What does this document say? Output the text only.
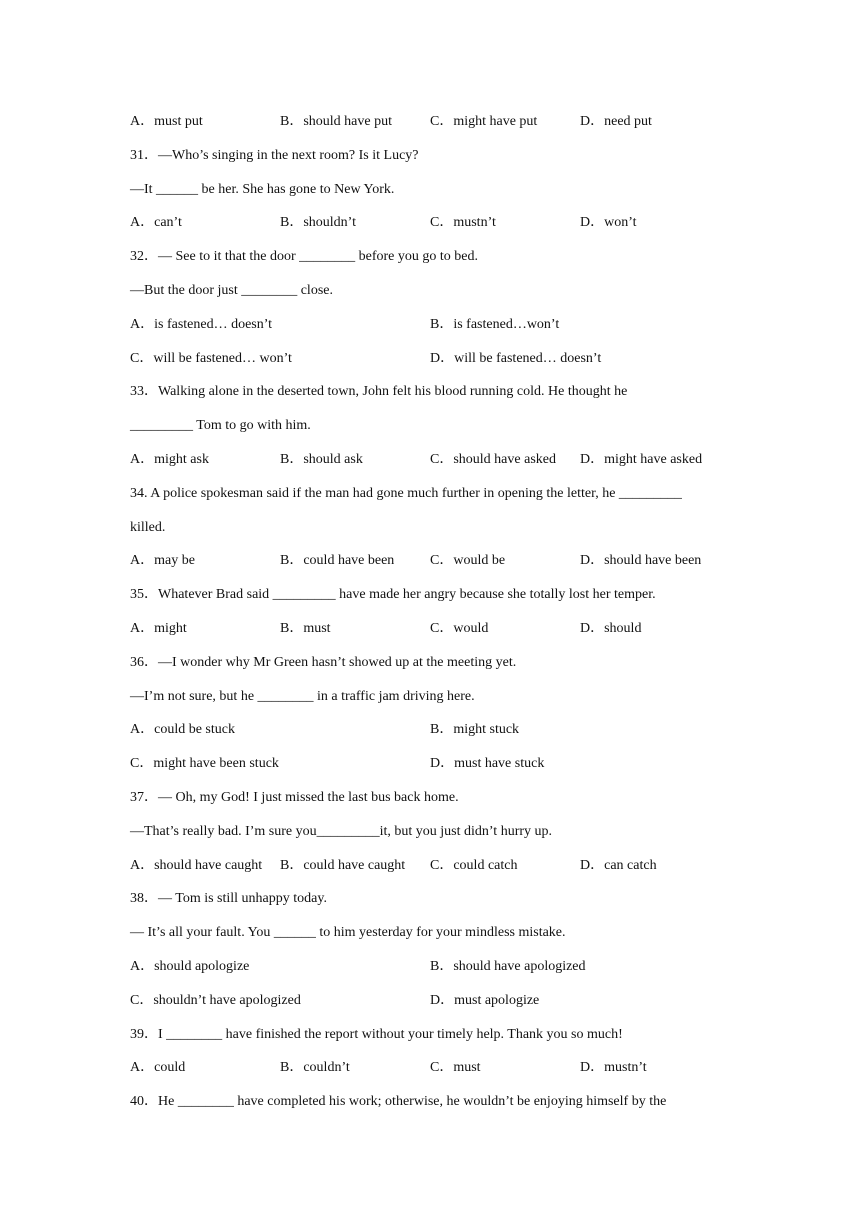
A．must put	B．should have put	C．might have put	D．need put
31．—Who’s singing in the next room? Is it Lucy?
—It ______ be her. She has gone to New York.
A．can’t	B．shouldn’t	C．mustn’t	D．won’t
32．— See to it that the door ________ before you go to bed.
—But the door just ________ close.
A．is fastened… doesn’t	B．is fastened…won’t
C．will be fastened… won’t	D．will be fastened… doesn’t
33．Walking alone in the deserted town, John felt his blood running cold. He thought he
_________ Tom to go with him.
A．might ask	B．should ask	C．should have asked D．might have asked
34. A police spokesman said if the man had gone much further in opening the letter, he _________
killed.
A．may be	B．could have been	C．would be	D．should have been
35．Whatever Brad said _________ have made her angry because she totally lost her temper.
A．might	B．must	C．would	D．should
36．—I wonder why Mr Green hasn’t showed up at the meeting yet.
—I’m not sure, but he ________ in a traffic jam driving here.
A．could be stuck	B．might stuck
C．might have been stuck	D．must have stuck
37．— Oh, my God! I just missed the last bus back home.
—That’s really bad. I’m sure you_________it, but you just didn’t hurry up.
A．should have caught B．could have caught C．could catch	D．can catch
38．— Tom is still unhappy today.
— It’s all your fault. You ______ to him yesterday for your mindless mistake.
A．should apologize	B．should have apologized
C．shouldn’t have apologized	D．must apologize
39．I ________ have finished the report without your timely help. Thank you so much!
A．could	B．couldn’t	C．must	D．mustn’t
40．He ________ have completed his work; otherwise, he wouldn’t be enjoying himself by the
